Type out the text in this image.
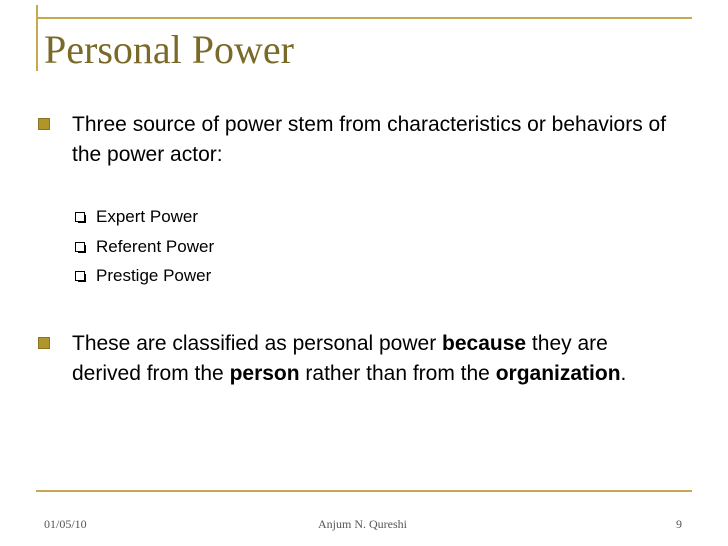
Personal Power
Three source of power stem from characteristics or behaviors of the power actor:
Expert Power
Referent Power
Prestige Power
These are classified as personal power because they are derived from the person rather than from the organization.
01/05/10	Anjum N. Qureshi	9
